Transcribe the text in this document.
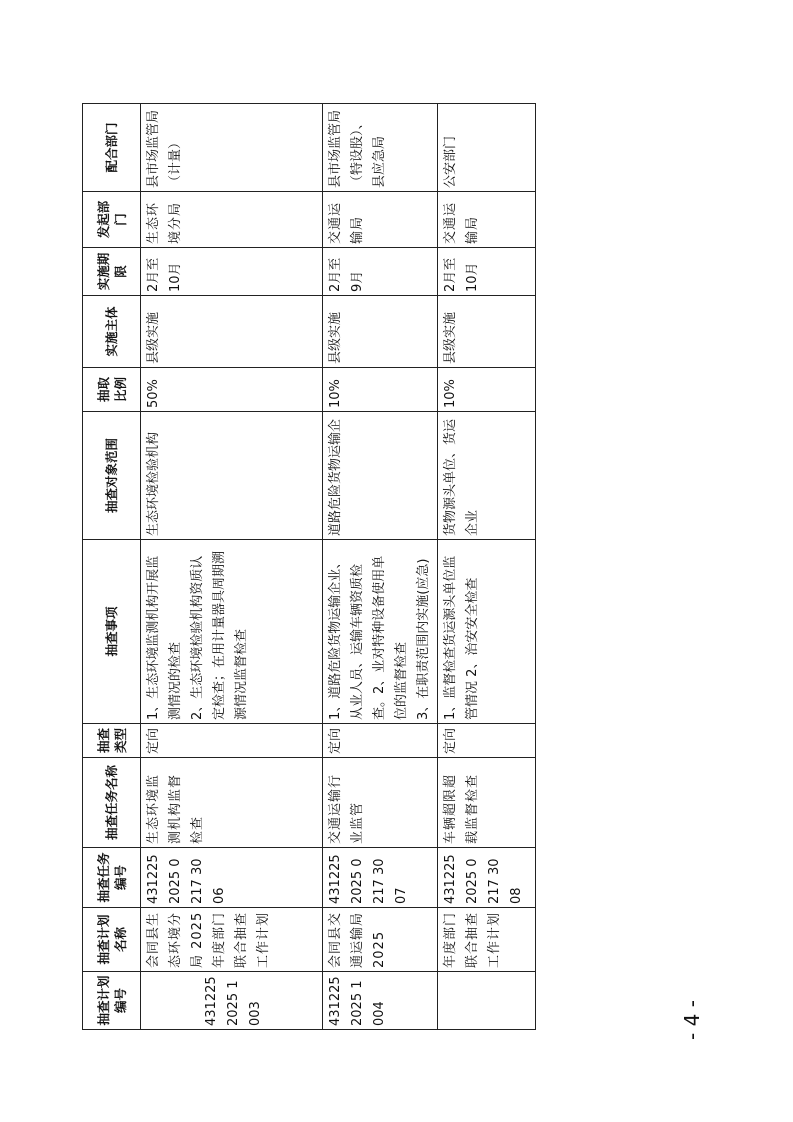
抽查计划编号	抽查计划名称	抽查任务编号	抽查任务名称	抽查类型	抽查事项	抽查对象范围	抽取比例	实施主体	实施期限	发起部门	配合部门
431225 2025 1003	会同县生态环境分局 2025 年度部门联合抽查工作计划	431225 2025 0217 3006	生态环境监测机构监督检查	定向	1、生态环境监测机构开展监测情况的检查 2、生态环境检验机构资质认定检查；在用计量器具周期溯源情况监督检查	生态环境检验机构	50%	县级实施	2月至10月	生态环境分局	县市场监管局（计量）
431225 2025 1004	会同县交通运输局 2025	431225 2025 0217 3007	交通运输行业监管	定向	1、道路危险货物运输企业、从业人员、运输车辆资质检查。2、业对特种设备使用单位的监督检查 3、在职责范围内实施(应急)	道路危险货物运输企	10%	县级实施	2月至9月	交通运输局	县市场监管局（特设股）、县应急局
	年度部门联合抽查工作计划	431225 2025 0217 3008	车辆超限超载监督检查	定向	1、监督检查货运源头单位监管情况 2、治安安全检查	货物源头单位、货运企业	10%	县级实施	2月至10月	交通运输局	公安部门
- 4 -
